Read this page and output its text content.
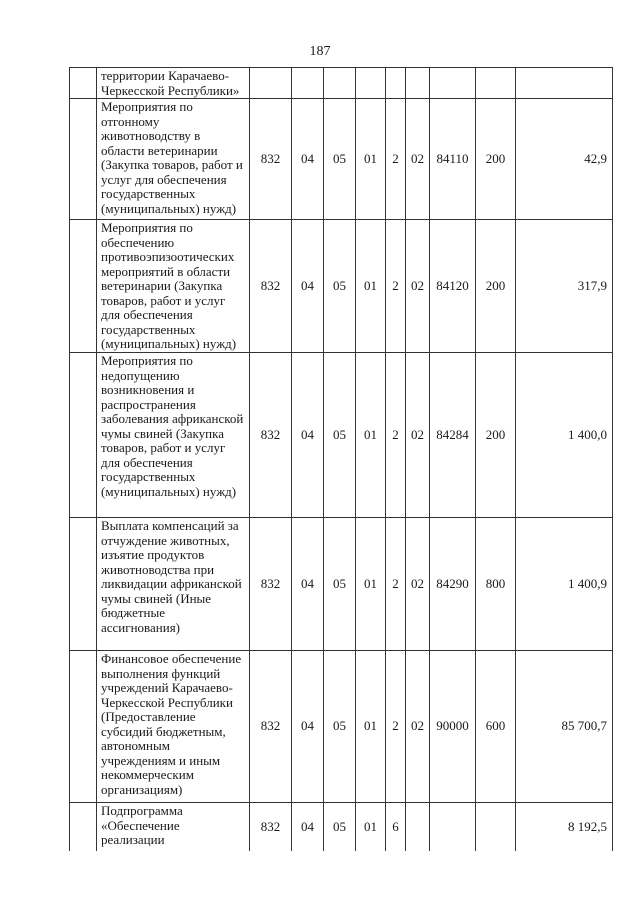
187
	территории Карачаево-Черкесской Республики»									
	Мероприятия по отгонному животноводству в области ветеринарии (Закупка товаров, работ и услуг для обеспечения государственных (муниципальных) нужд)	832	04	05	01	2	02	84110	200	42,9
	Мероприятия по обеспечению противоэпизоотических мероприятий в области ветеринарии (Закупка товаров, работ и услуг для обеспечения государственных (муниципальных) нужд)	832	04	05	01	2	02	84120	200	317,9
	Мероприятия по недопущению возникновения и распространения заболевания африканской чумы свиней (Закупка товаров, работ и услуг для обеспечения государственных (муниципальных) нужд)	832	04	05	01	2	02	84284	200	1 400,0
	Выплата компенсаций за отчуждение животных, изъятие продуктов животноводства при ликвидации африканской чумы свиней (Иные бюджетные ассигнования)	832	04	05	01	2	02	84290	800	1 400,9
	Финансовое обеспечение выполнения функций учреждений Карачаево-Черкесской Республики (Предоставление субсидий бюджетным, автономным учреждениям и иным некоммерческим организациям)	832	04	05	01	2	02	90000	600	85 700,7
	Подпрограмма «Обеспечение реализации	832	04	05	01	6				8 192,5
